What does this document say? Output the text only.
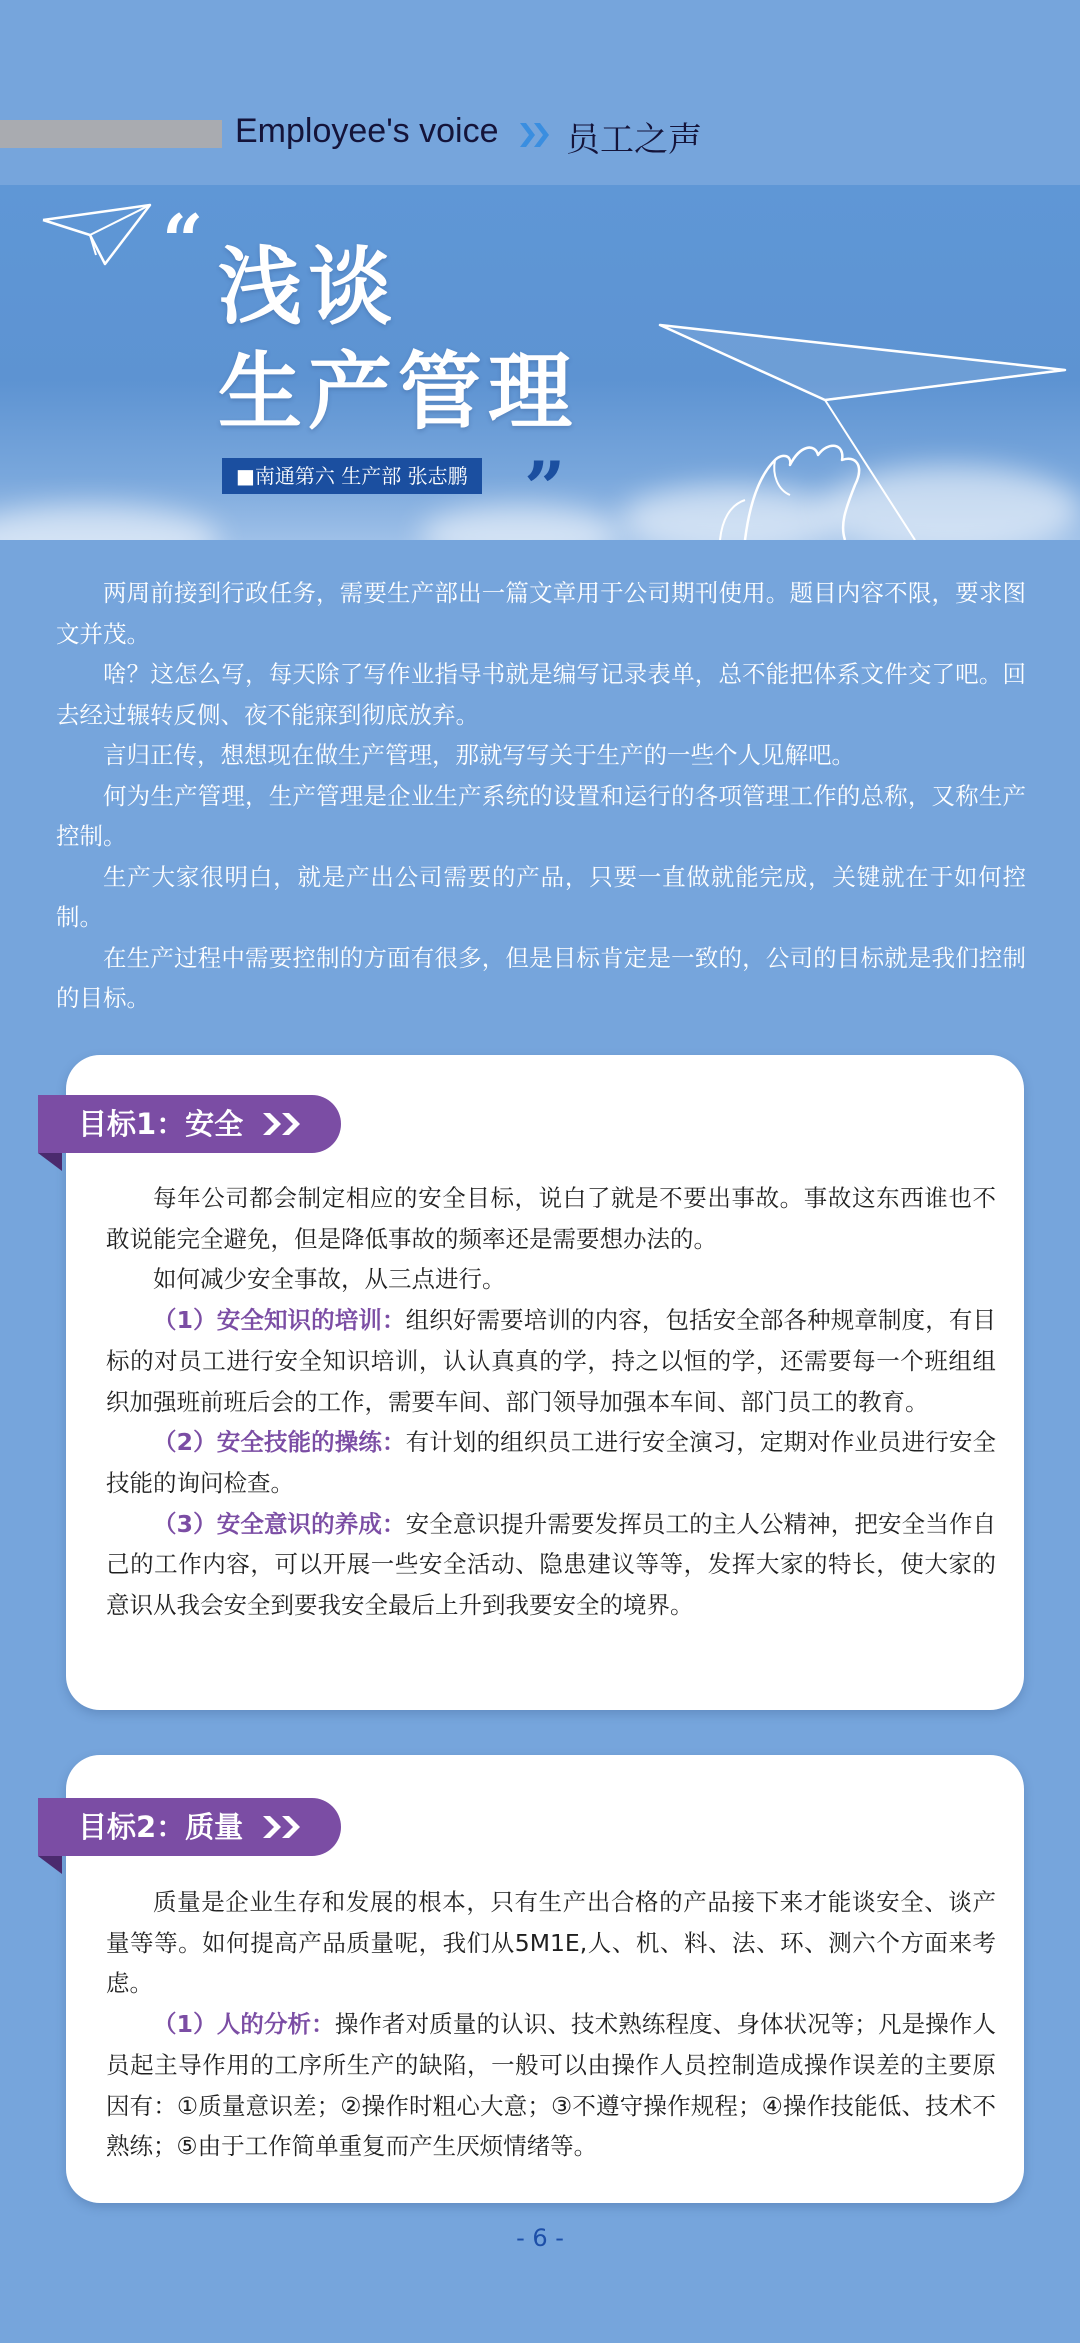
Employee's voice 员工之声
“ 浅谈
生产管理
■南通第六 生产部 张志鹏 ”

两周前接到行政任务，需要生产部出一篇文章用于公司期刊使用。题目内容不限，要求图文并茂。

啥？这怎么写，每天除了写作业指导书就是编写记录表单，总不能把体系文件交了吧。回去经过辗转反侧、夜不能寐到彻底放弃。

言归正传，想想现在做生产管理，那就写写关于生产的一些个人见解吧。

何为生产管理，生产管理是企业生产系统的设置和运行的各项管理工作的总称，又称生产控制。

生产大家很明白，就是产出公司需要的产品，只要一直做就能完成，关键就在于如何控制。

在生产过程中需要控制的方面有很多，但是目标肯定是一致的，公司的目标就是我们控制的目标。

目标1：安全

每年公司都会制定相应的安全目标，说白了就是不要出事故。事故这东西谁也不敢说能完全避免，但是降低事故的频率还是需要想办法的。

如何减少安全事故，从三点进行。

（1）安全知识的培训：组织好需要培训的内容，包括安全部各种规章制度，有目标的对员工进行安全知识培训，认认真真的学，持之以恒的学，还需要每一个班组组织加强班前班后会的工作，需要车间、部门领导加强本车间、部门员工的教育。

（2）安全技能的操练：有计划的组织员工进行安全演习，定期对作业员进行安全技能的询问检查。

（3）安全意识的养成：安全意识提升需要发挥员工的主人公精神，把安全当作自己的工作内容，可以开展一些安全活动、隐患建议等等，发挥大家的特长，使大家的意识从我会安全到要我安全最后上升到我要安全的境界。

目标2：质量

质量是企业生存和发展的根本，只有生产出合格的产品接下来才能谈安全、谈产量等等。如何提高产品质量呢，我们从5M1E,人、机、料、法、环、测六个方面来考虑。

（1）人的分析：操作者对质量的认识、技术熟练程度、身体状况等；凡是操作人员起主导作用的工序所生产的缺陷，一般可以由操作人员控制造成操作误差的主要原因有：①质量意识差；②操作时粗心大意；③不遵守操作规程；④操作技能低、技术不熟练；⑤由于工作简单重复而产生厌烦情绪等。

- 6 -
